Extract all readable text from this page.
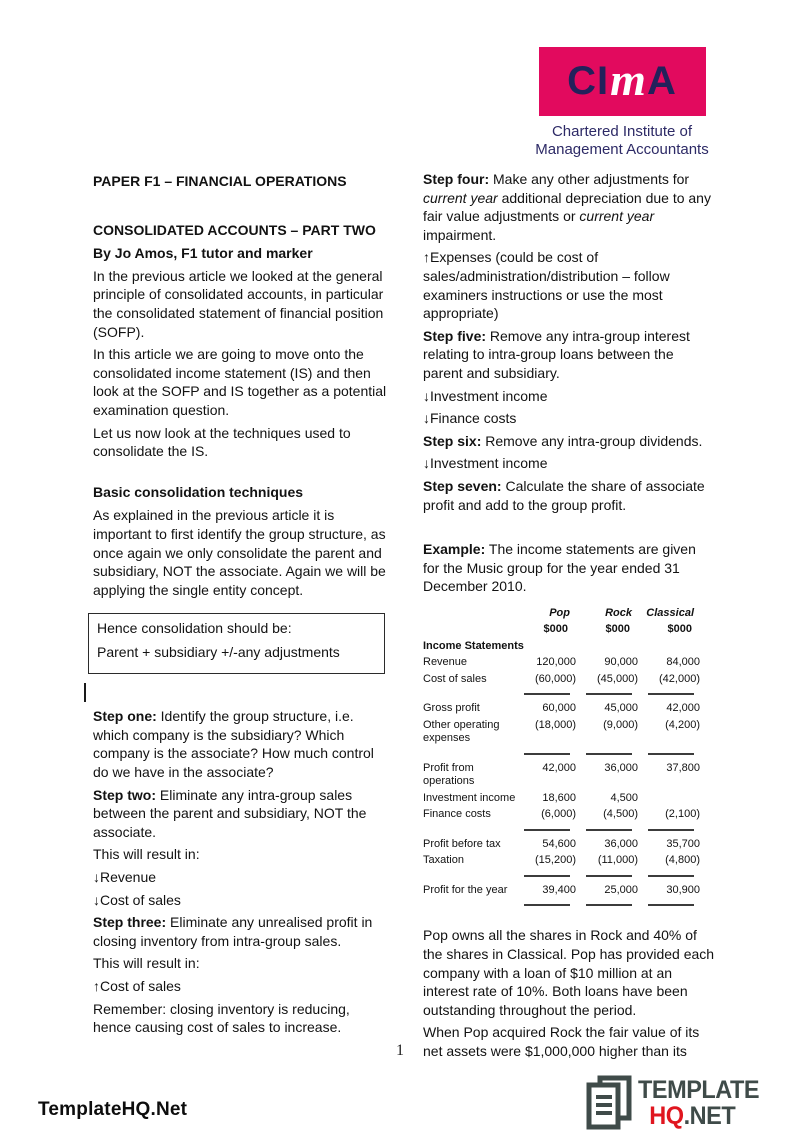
CI m A
Chartered Institute of
Management Accountants

PAPER F1 – FINANCIAL OPERATIONS

CONSOLIDATED ACCOUNTS – PART TWO

By Jo Amos, F1 tutor and marker

In the previous article we looked at the general principle of consolidated accounts, in particular the consolidated statement of financial position (SOFP).

In this article we are going to move onto the consolidated income statement (IS) and then look at the SOFP and IS together as a potential examination question.

Let us now look at the techniques used to consolidate the IS.

Basic consolidation techniques

As explained in the previous article it is important to first identify the group structure, as once again we only consolidate the parent and subsidiary, NOT the associate. Again we will be applying the single entity concept.

Hence consolidation should be:

Parent + subsidiary +/-any adjustments

Step one: Identify the group structure, i.e. which company is the subsidiary? Which company is the associate? How much control do we have in the associate?

Step two: Eliminate any intra-group sales between the parent and subsidiary, NOT the associate.

This will result in:

↓Revenue

↓Cost of sales

Step three: Eliminate any unrealised profit in closing inventory from intra-group sales.

This will result in:

↑Cost of sales

Remember: closing inventory is reducing, hence causing cost of sales to increase.

Step four: Make any other adjustments for current year additional depreciation due to any fair value adjustments or current year impairment.

↑Expenses (could be cost of sales/administration/distribution – follow examiners instructions or use the most appropriate)

Step five: Remove any intra-group interest relating to intra-group loans between the parent and subsidiary.

↓Investment income

↓Finance costs

Step six: Remove any intra-group dividends.

↓Investment income

Step seven: Calculate the share of associate profit and add to the group profit.

Example: The income statements are given for the Music group for the year ended 31 December 2010.

	Pop	Rock	Classical
	$000	$000	$000
Income Statements			
Revenue	120,000	90,000	84,000
Cost of sales	(60,000)	(45,000)	(42,000)

Gross profit	60,000	45,000	42,000
Other operating expenses	(18,000)	(9,000)	(4,200)

Profit from operations	42,000	36,000	37,800
Investment income	18,600	4,500	
Finance costs	(6,000)	(4,500)	(2,100)

Profit before tax	54,600	36,000	35,700
Taxation	(15,200)	(11,000)	(4,800)

Profit for the year	39,400	25,000	30,900

Pop owns all the shares in Rock and 40% of the shares in Classical. Pop has provided each company with a loan of $10 million at an interest rate of 10%. Both loans have been outstanding throughout the period.

When Pop acquired Rock the fair value of its net assets were $1,000,000 higher than its

1
TemplateHQ.Net
TEMPLATE
HQ.NET
